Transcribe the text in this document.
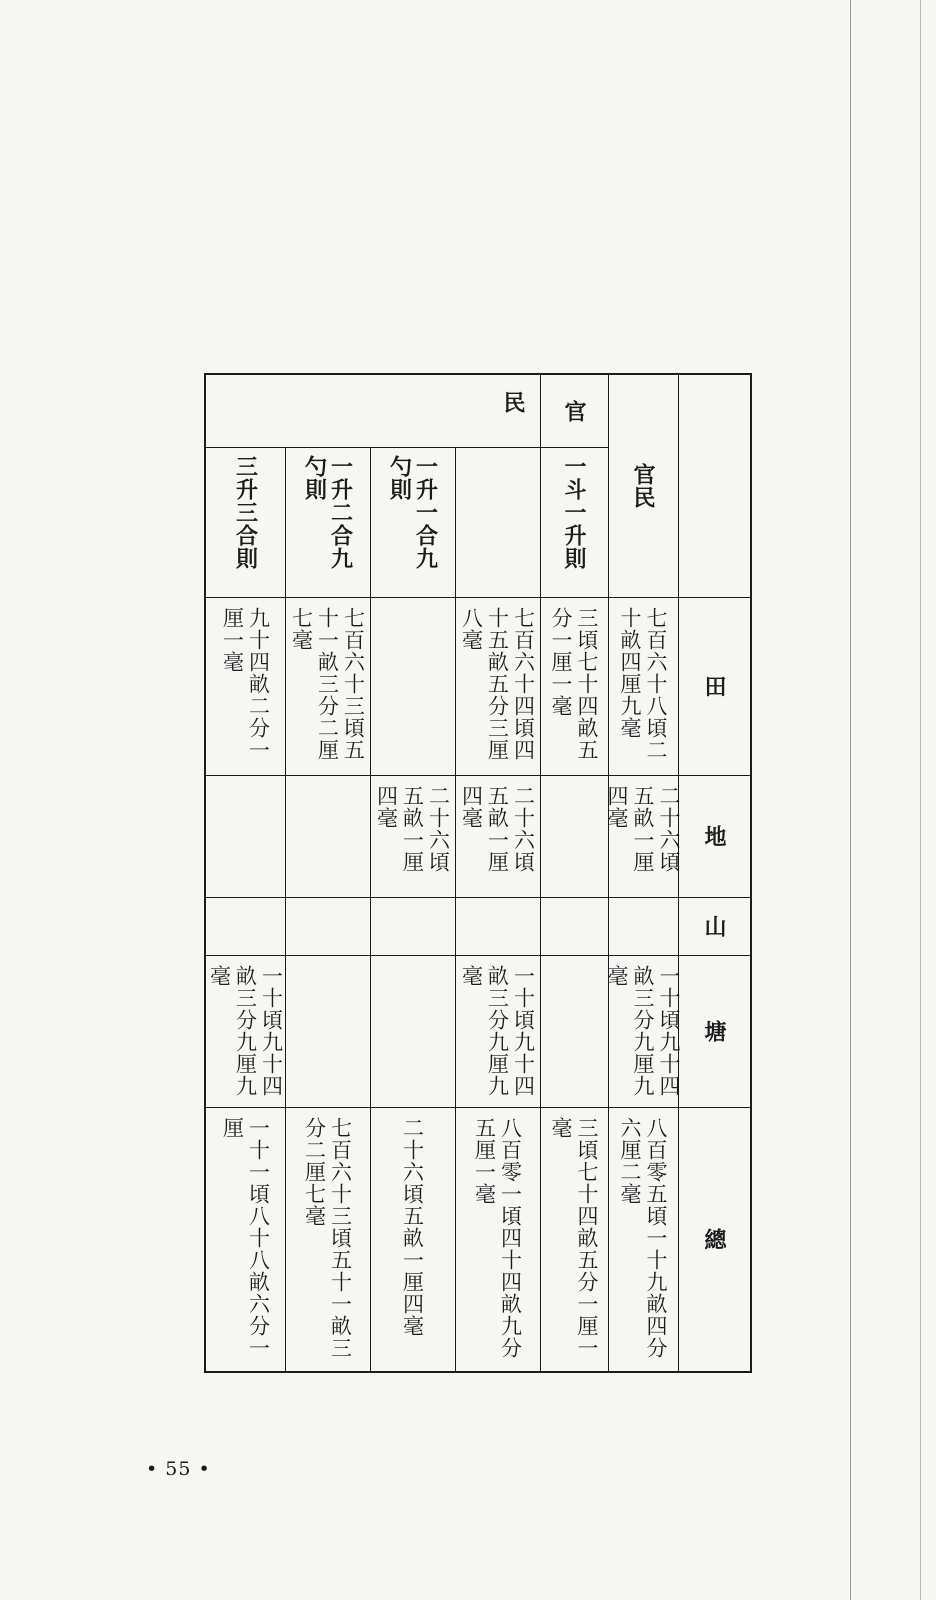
官
民
官民
一斗一升則
一升一合九勺則
一升二合九勺則
三升三合則
田
地
山
塘
總
七百六十八頃二十畝四厘九毫
三頃七十四畝五分一厘一毫
七百六十四頃四十五畝五分三厘八毫
七百六十三頃五十一畝三分二厘七毫
九十四畝二分一厘一毫
二十六頃五畝一厘四毫
二十六頃五畝一厘四毫
二十六頃五畝一厘四毫
一十頃九十四畝三分九厘九毫
一十頃九十四畝三分九厘九毫
一十頃九十四畝三分九厘九毫
八百零五頃一十九畝四分六厘二毫
三頃七十四畝五分一厘一毫
八百零一頃四十四畝九分五厘一毫
二十六頃五畝一厘四毫
七百六十三頃五十一畝三分二厘七毫
一十一頃八十八畝六分一厘
• 55 •
